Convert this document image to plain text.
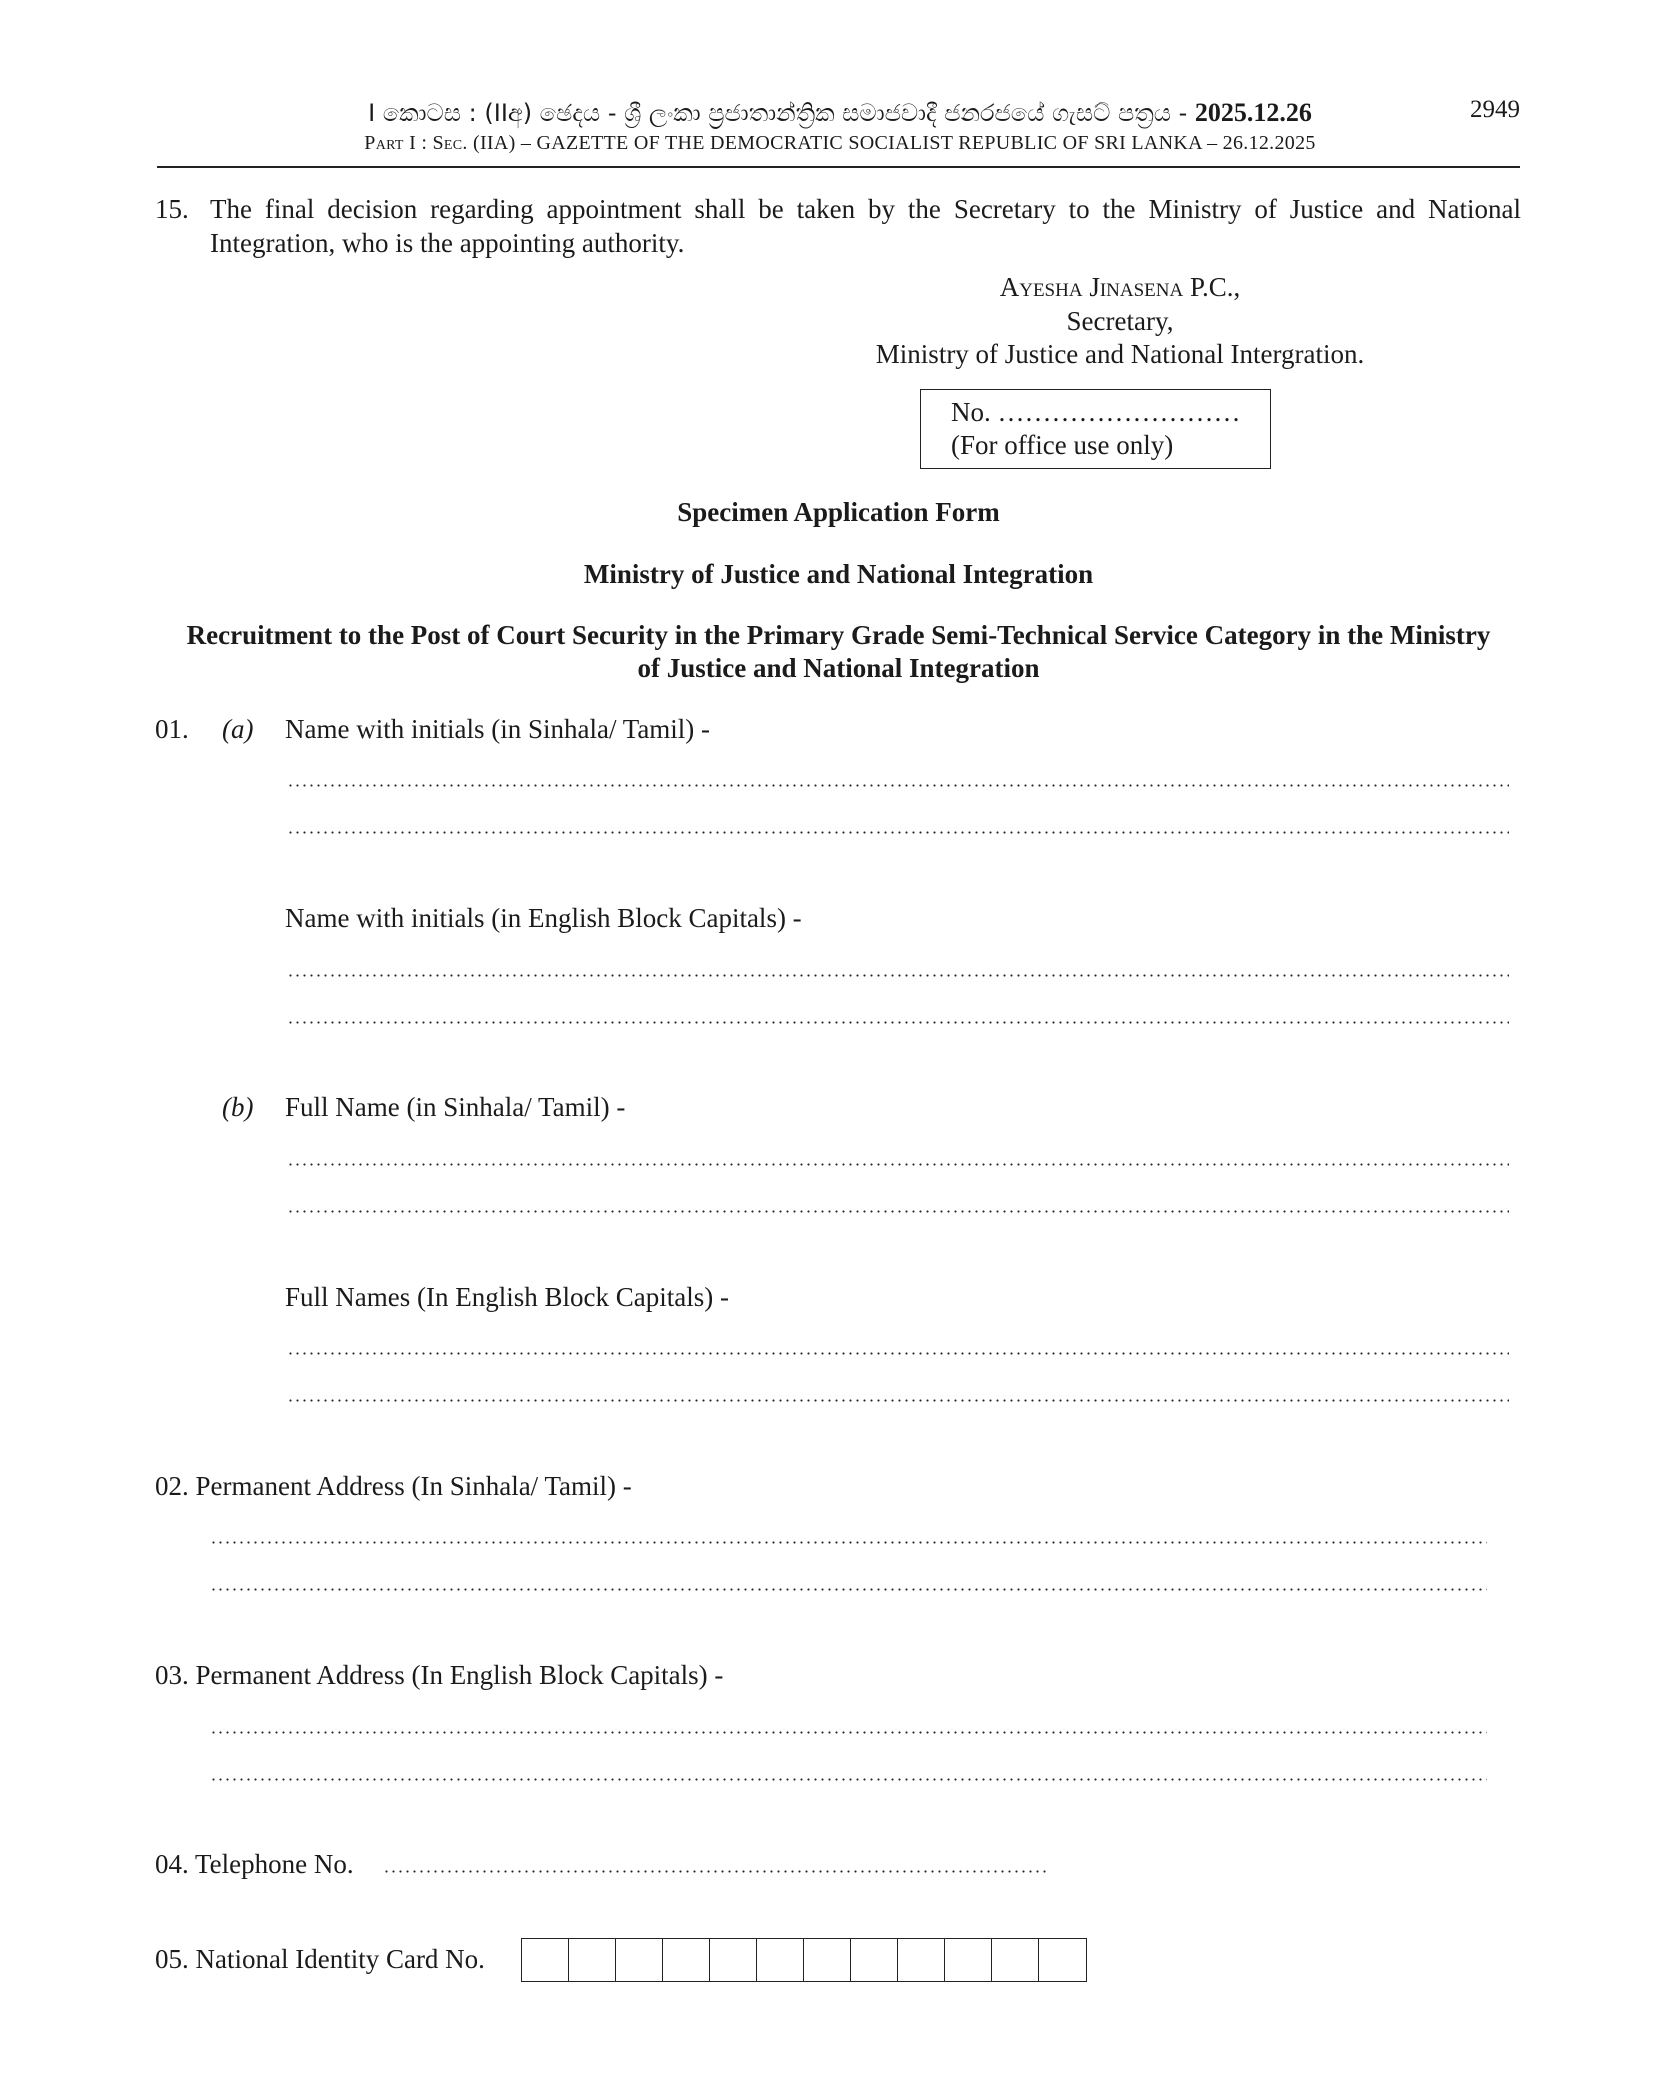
I කොටස : (IIඅ) ඡෙදය - ශ්‍රී ලංකා ප්‍රජාතාන්ත්‍රික සමාජවාදී ජනරජයේ ගැසට් පත්‍රය - 2025.12.26	2949
Part I : Sec. (IIA) – GAZETTE OF THE DEMOCRATIC SOCIALIST REPUBLIC OF SRI LANKA – 26.12.2025
15. The final decision regarding appointment shall be taken by the Secretary to the Ministry of Justice and National Integration, who is the appointing authority.
Ayesha Jinasena P.C.,
Secretary,
Ministry of Justice and National Intergration.
No. ………………………
(For office use only)
Specimen Application Form
Ministry of Justice and National Integration
Recruitment to the Post of Court Security in the Primary Grade Semi-Technical Service Category in the Ministry
of Justice and National Integration
01. (a) Name with initials (in Sinhala/ Tamil) -
Name with initials (in English Block Capitals) -
(b) Full Name (in Sinhala/ Tamil) -
Full Names (In English Block Capitals) -
02. Permanent Address (In Sinhala/ Tamil) -
03. Permanent Address (In English Block Capitals) -
04. Telephone No.
05. National Identity Card No.
